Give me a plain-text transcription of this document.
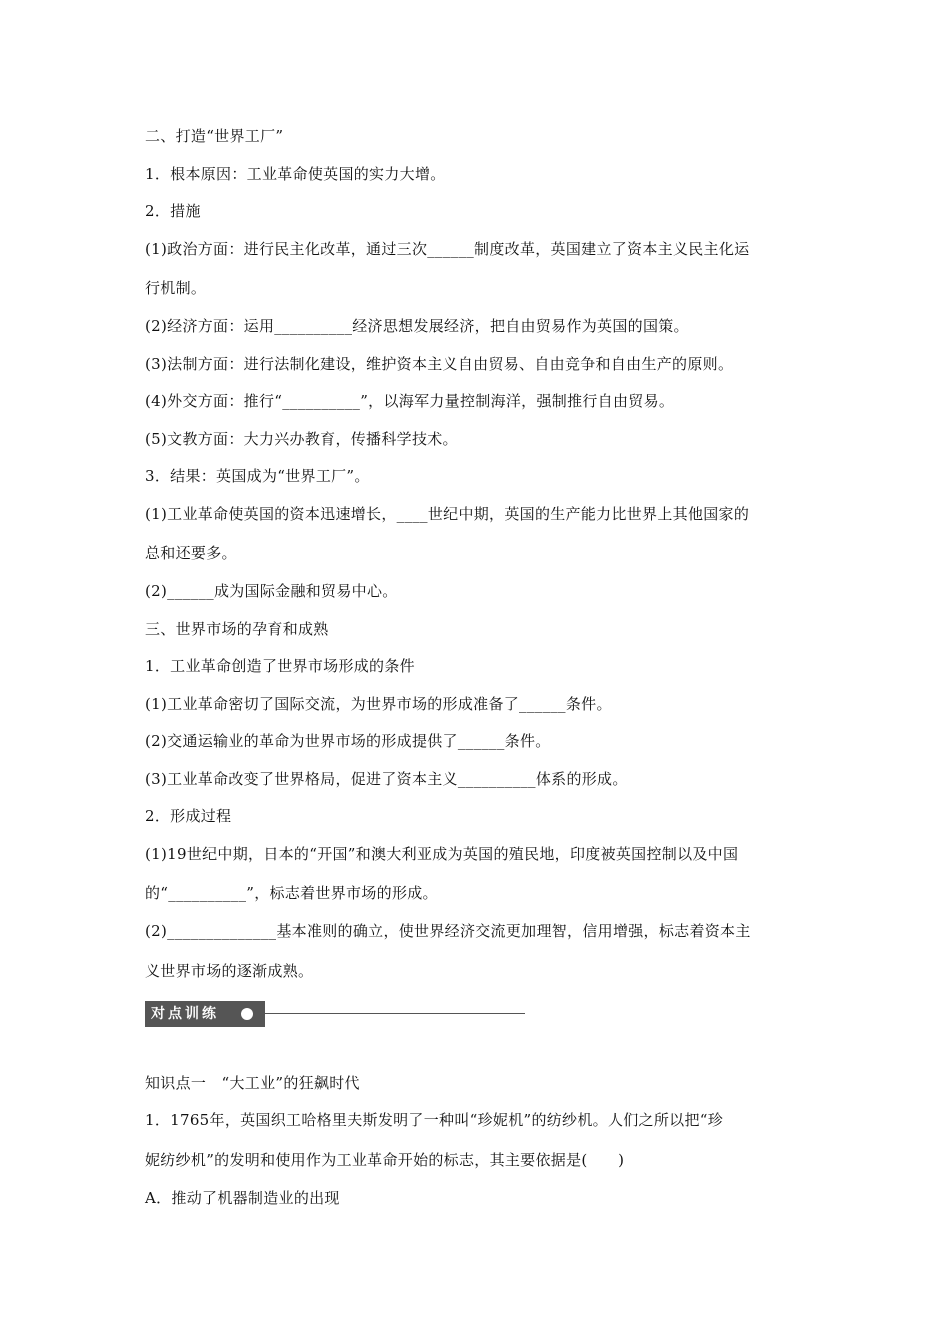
二、打造“世界工厂”
1．根本原因：工业革命使英国的实力大增。
2．措施
(1)政治方面：进行民主化改革，通过三次______制度改革，英国建立了资本主义民主化运
行机制。
(2)经济方面：运用__________经济思想发展经济，把自由贸易作为英国的国策。
(3)法制方面：进行法制化建设，维护资本主义自由贸易、自由竞争和自由生产的原则。
(4)外交方面：推行“__________”，以海军力量控制海洋，强制推行自由贸易。
(5)文教方面：大力兴办教育，传播科学技术。
3．结果：英国成为“世界工厂”。
(1)工业革命使英国的资本迅速增长，____世纪中期，英国的生产能力比世界上其他国家的
总和还要多。
(2)______成为国际金融和贸易中心。
三、世界市场的孕育和成熟
1．工业革命创造了世界市场形成的条件
(1)工业革命密切了国际交流，为世界市场的形成准备了______条件。
(2)交通运输业的革命为世界市场的形成提供了______条件。
(3)工业革命改变了世界格局，促进了资本主义__________体系的形成。
2．形成过程
(1)19世纪中期，日本的“开国”和澳大利亚成为英国的殖民地，印度被英国控制以及中国
的“__________”，标志着世界市场的形成。
(2)______________基本准则的确立，使世界经济交流更加理智，信用增强，标志着资本主
义世界市场的逐渐成熟。
对点训练
知识点一　“大工业”的狂飙时代
1．1765年，英国织工哈格里夫斯发明了一种叫“珍妮机”的纺纱机。人们之所以把“珍
妮纺纱机”的发明和使用作为工业革命开始的标志，其主要依据是(　　)
A．推动了机器制造业的出现
